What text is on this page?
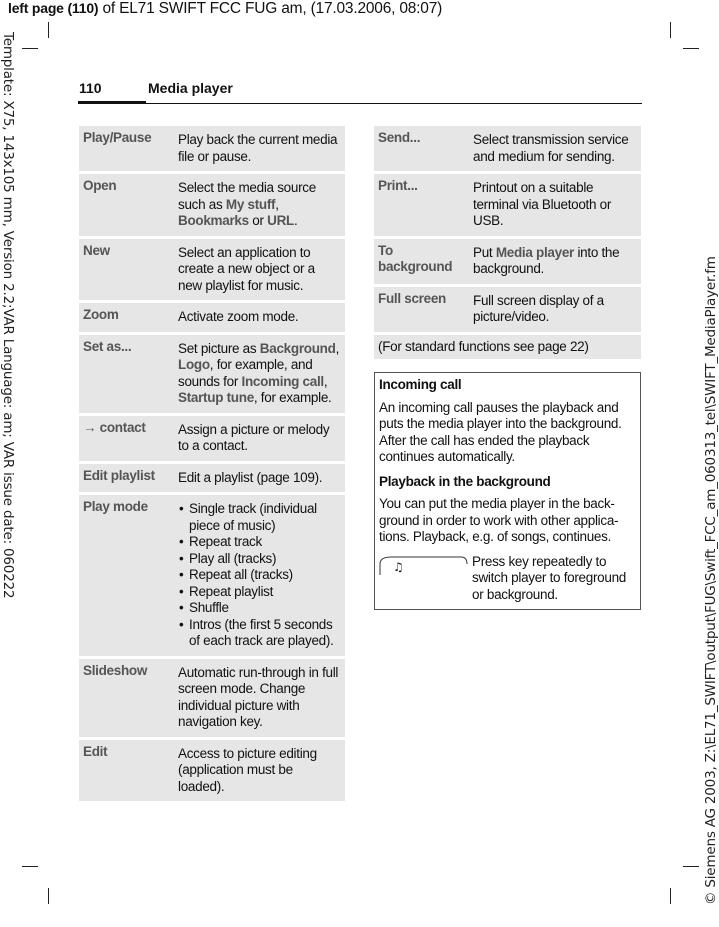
left page (110) of EL71 SWIFT FCC FUG am, (17.03.2006, 08:07)
Template: X75, 143x105 mm, Version 2.2;VAR Language: am; VAR issue date: 060222	© Siemens AG 2003, Z:\EL71_SWIFT\output\FUG\Swift_FCC_am_060313_tel\SWIFT_MediaPlayer.fm
110	Media player
Play/Pause	Play back the current media file or pause.
Open	Select the media source such as My stuff, Bookmarks or URL.
New	Select an application to create a new object or a new playlist for music.
Zoom	Activate zoom mode.
Set as...	Set picture as Background, Logo, for example, and sounds for Incoming call, Startup tune, for example.
→ contact	Assign a picture or melody to a contact.
Edit playlist	Edit a playlist (page 109).
Play mode
•	Single track (individual piece of music)
• Repeat track
• Play all (tracks)
• Repeat all (tracks)
• Repeat playlist
• Shuffle
• Intros (the first 5 seconds of each track are played).
Slideshow	Automatic run-through in full screen mode. Change individual picture with navigation key.
Edit	Access to picture editing (application must be loaded).
Send...	Select transmission service and medium for sending.
Print...	Printout on a suitable terminal via Bluetooth or USB.
To background
Put Media player into the background.
Full screen	Full screen display of a picture/video.
(For standard functions see page 22)
Incoming call

An incoming call pauses the playback and puts the media player into the background. After the call has ended the playback continues automatically.

Playback in the background

You can put the media player in the back-ground in order to work with other applica-tions. Playback, e.g. of songs, continues.

♫	Press key repeatedly to switch player to foreground or background.
